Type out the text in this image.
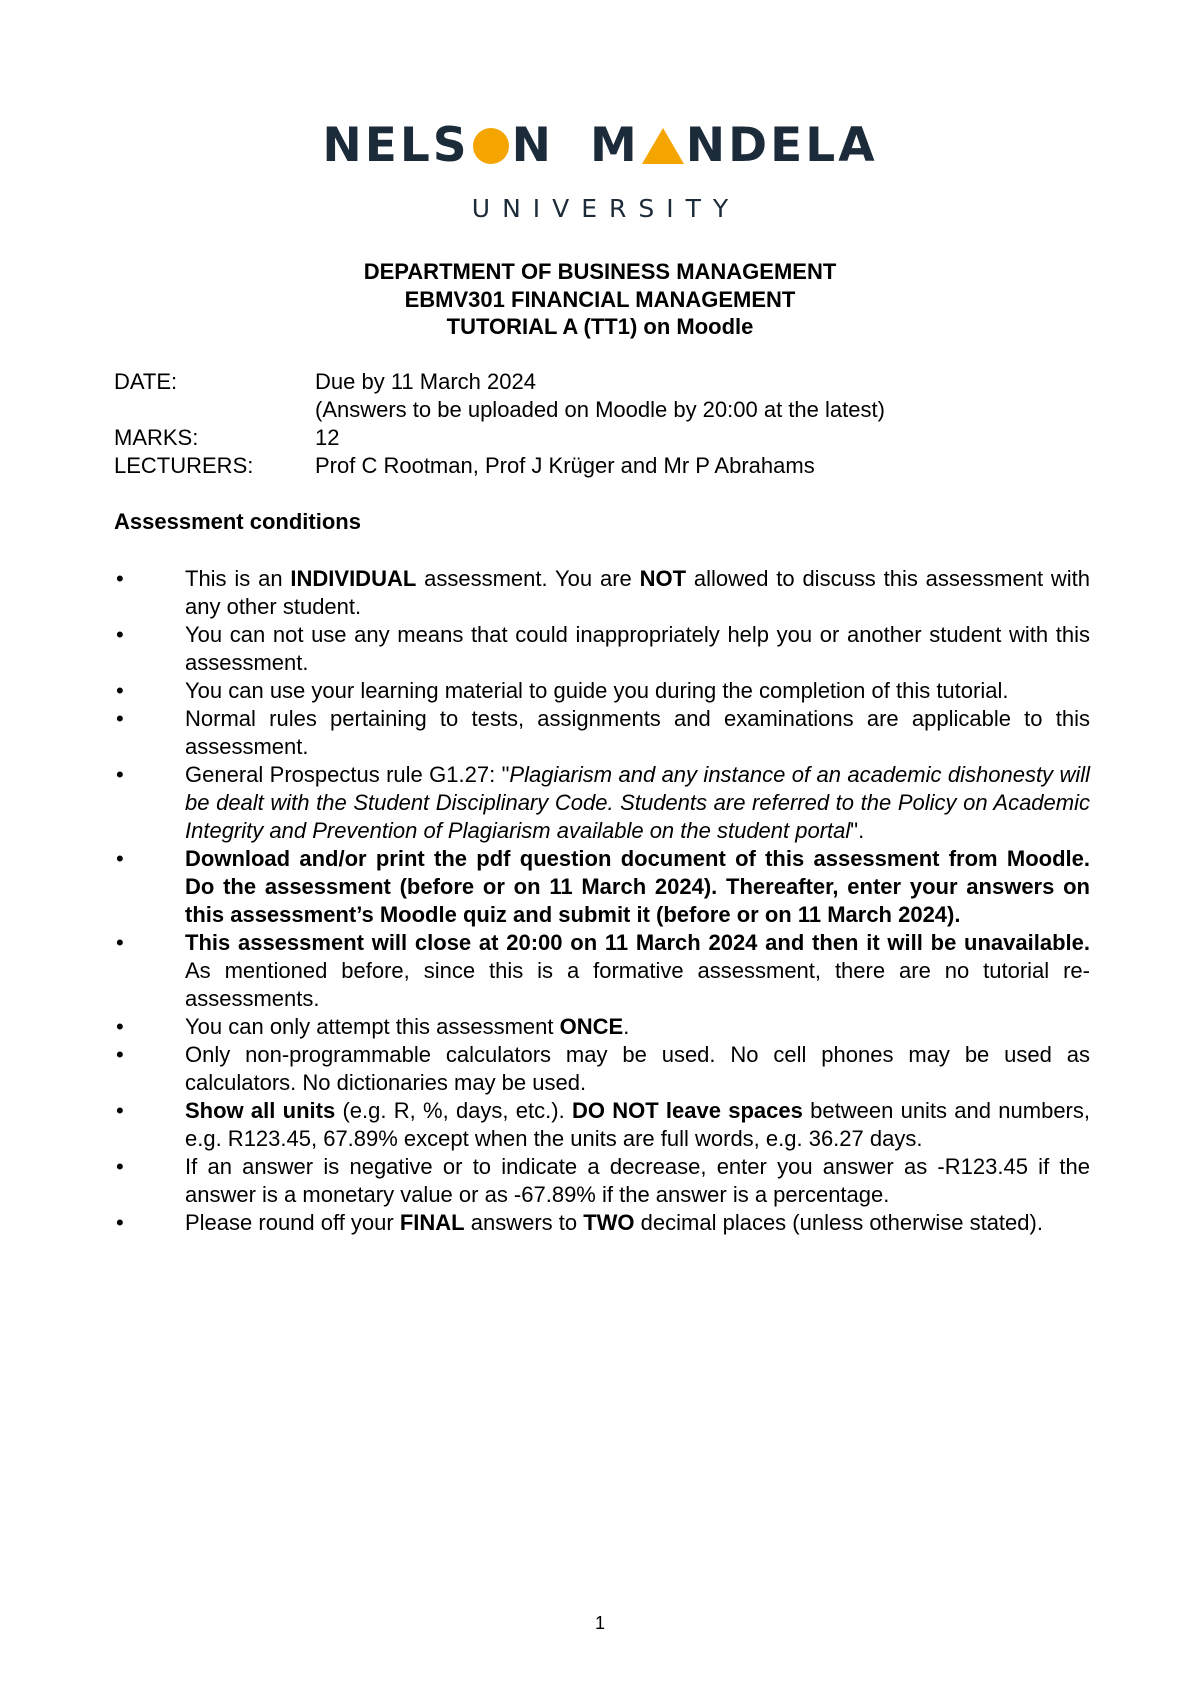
NELS N M NDELA
UNIVERSITY
DEPARTMENT OF BUSINESS MANAGEMENT
EBMV301 FINANCIAL MANAGEMENT
TUTORIAL A (TT1) on Moodle
DATE:	Due by 11 March 2024
(Answers to be uploaded on Moodle by 20:00 at the latest)
MARKS:	12
LECTURERS:	Prof C Rootman, Prof J Krüger and Mr P Abrahams
Assessment conditions
•	This is an INDIVIDUAL assessment. You are NOT allowed to discuss this assessment with any other student.
•	You can not use any means that could inappropriately help you or another student with this assessment.
•	You can use your learning material to guide you during the completion of this tutorial.
•	Normal rules pertaining to tests, assignments and examinations are applicable to this assessment.
•	General Prospectus rule G1.27: "Plagiarism and any instance of an academic dishonesty will be dealt with the Student Disciplinary Code. Students are referred to the Policy on Academic Integrity and Prevention of Plagiarism available on the student portal".
•	Download and/or print the pdf question document of this assessment from Moodle. Do the assessment (before or on 11 March 2024). Thereafter, enter your answers on this assessment’s Moodle quiz and submit it (before or on 11 March 2024).
•	This assessment will close at 20:00 on 11 March 2024 and then it will be unavailable. As mentioned before, since this is a formative assessment, there are no tutorial re-assessments.
•	You can only attempt this assessment ONCE.
•	Only non-programmable calculators may be used. No cell phones may be used as calculators. No dictionaries may be used.
•	Show all units (e.g. R, %, days, etc.). DO NOT leave spaces between units and numbers, e.g. R123.45, 67.89% except when the units are full words, e.g. 36.27 days.
•	If an answer is negative or to indicate a decrease, enter you answer as -R123.45 if the answer is a monetary value or as -67.89% if the answer is a percentage.
•	Please round off your FINAL answers to TWO decimal places (unless otherwise stated).
1
